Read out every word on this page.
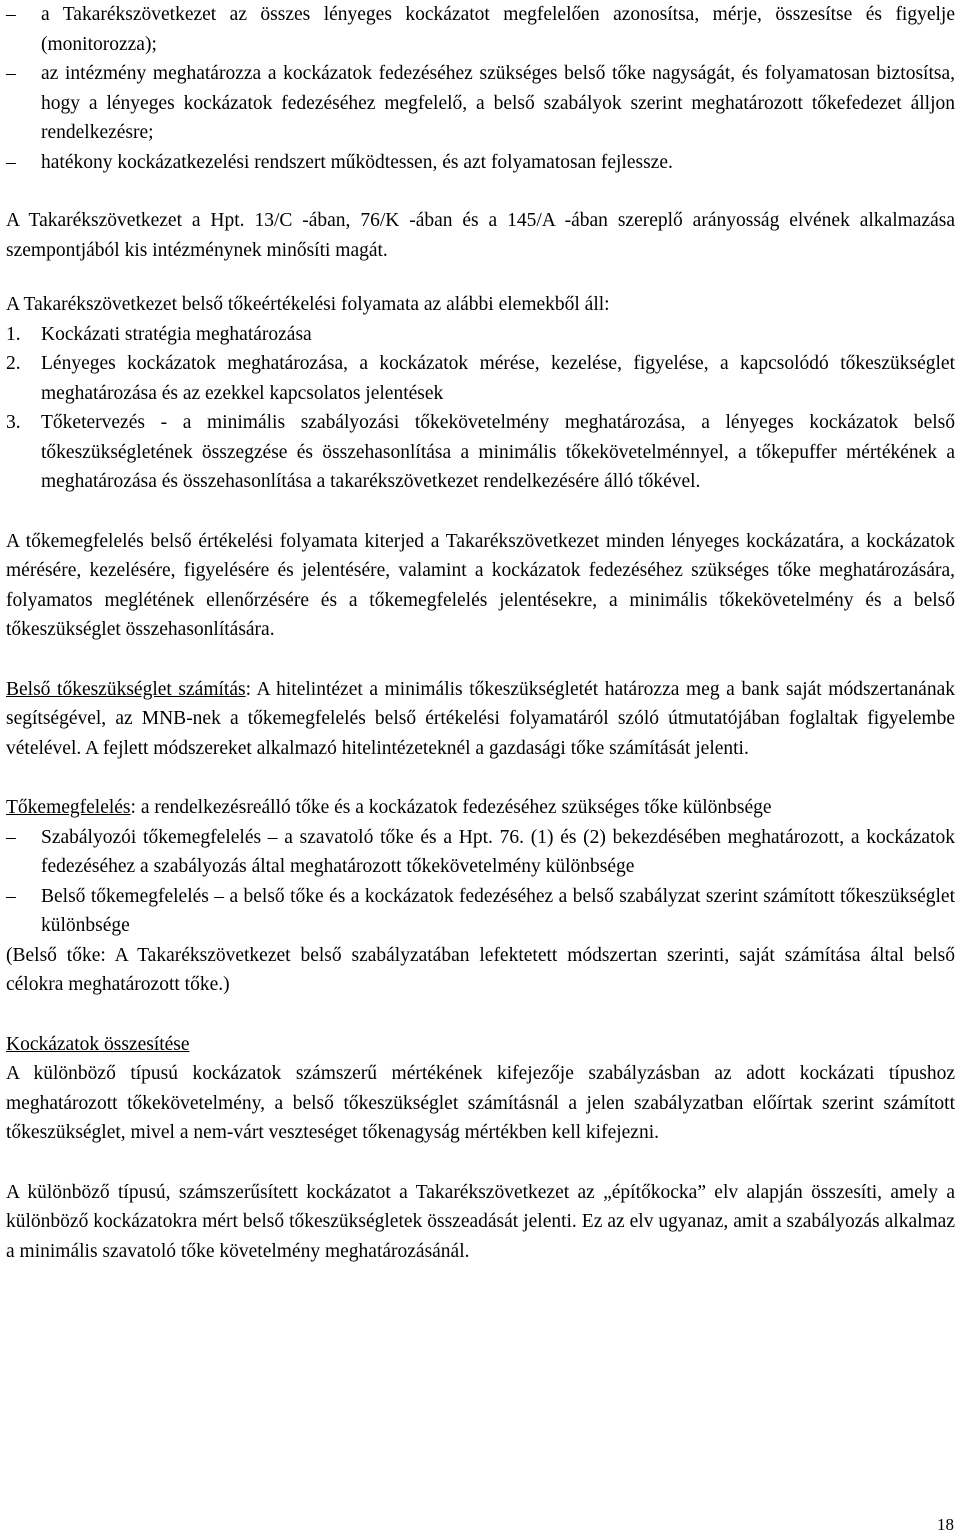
– a Takarékszövetkezet az összes lényeges kockázatot megfelelően azonosítsa, mérje, összesítse és figyelje (monitorozza);
– az intézmény meghatározza a kockázatok fedezéséhez szükséges belső tőke nagyságát, és folyamatosan biztosítsa, hogy a lényeges kockázatok fedezéséhez megfelelő, a belső szabályok szerint meghatározott tőkefedezet álljon rendelkezésre;
– hatékony kockázatkezelési rendszert működtessen, és azt folyamatosan fejlessze.

A Takarékszövetkezet a Hpt. 13/C -ában, 76/K -ában és a 145/A -ában szereplő arányosság elvének alkalmazása szempontjából kis intézménynek minősíti magát.

A Takarékszövetkezet belső tőkeértékelési folyamata az alábbi elemekből áll:

1. Kockázati stratégia meghatározása
2. Lényeges kockázatok meghatározása, a kockázatok mérése, kezelése, figyelése, a kapcsolódó tőkeszükséglet meghatározása és az ezekkel kapcsolatos jelentések
3. Tőketervezés - a minimális szabályozási tőkekövetelmény meghatározása, a lényeges kockázatok belső tőkeszükségletének összegzése és összehasonlítása a minimális tőkekövetelménnyel, a tőkepuffer mértékének a meghatározása és összehasonlítása a takarékszövetkezet rendelkezésére álló tőkével.

A tőkemegfelelés belső értékelési folyamata kiterjed a Takarékszövetkezet minden lényeges kockázatára, a kockázatok mérésére, kezelésére, figyelésére és jelentésére, valamint a kockázatok fedezéséhez szükséges tőke meghatározására, folyamatos meglétének ellenőrzésére és a tőkemegfelelés jelentésekre, a minimális tőkekövetelmény és a belső tőkeszükséglet összehasonlítására.

Belső tőkeszükséglet számítás: A hitelintézet a minimális tőkeszükségletét határozza meg a bank saját módszertanának segítségével, az MNB-nek a tőkemegfelelés belső értékelési folyamatáról szóló útmutatójában foglaltak figyelembe vételével. A fejlett módszereket alkalmazó hitelintézeteknél a gazdasági tőke számítását jelenti.

Tőkemegfelelés: a rendelkezésreálló tőke és a kockázatok fedezéséhez szükséges tőke különbsége

– Szabályozói tőkemegfelelés – a szavatoló tőke és a Hpt. 76. (1) és (2) bekezdésében meghatározott, a kockázatok fedezéséhez a szabályozás által meghatározott tőkekövetelmény különbsége
– Belső tőkemegfelelés – a belső tőke és a kockázatok fedezéséhez a belső szabályzat szerint számított tőkeszükséglet különbsége

(Belső tőke: A Takarékszövetkezet belső szabályzatában lefektetett módszertan szerinti, saját számítása által belső célokra meghatározott tőke.)

Kockázatok összesítése

A különböző típusú kockázatok számszerű mértékének kifejezője szabályzásban az adott kockázati típushoz meghatározott tőkekövetelmény, a belső tőkeszükséglet számításnál a jelen szabályzatban előírtak szerint számított tőkeszükséglet, mivel a nem-várt veszteséget tőkenagyság mértékben kell kifejezni.

A különböző típusú, számszerűsített kockázatot a Takarékszövetkezet az „építőkocka” elv alapján összesíti, amely a különböző kockázatokra mért belső tőkeszükségletek összeadását jelenti. Ez az elv ugyanaz, amit a szabályozás alkalmaz a minimális szavatoló tőke követelmény meghatározásánál.

18
